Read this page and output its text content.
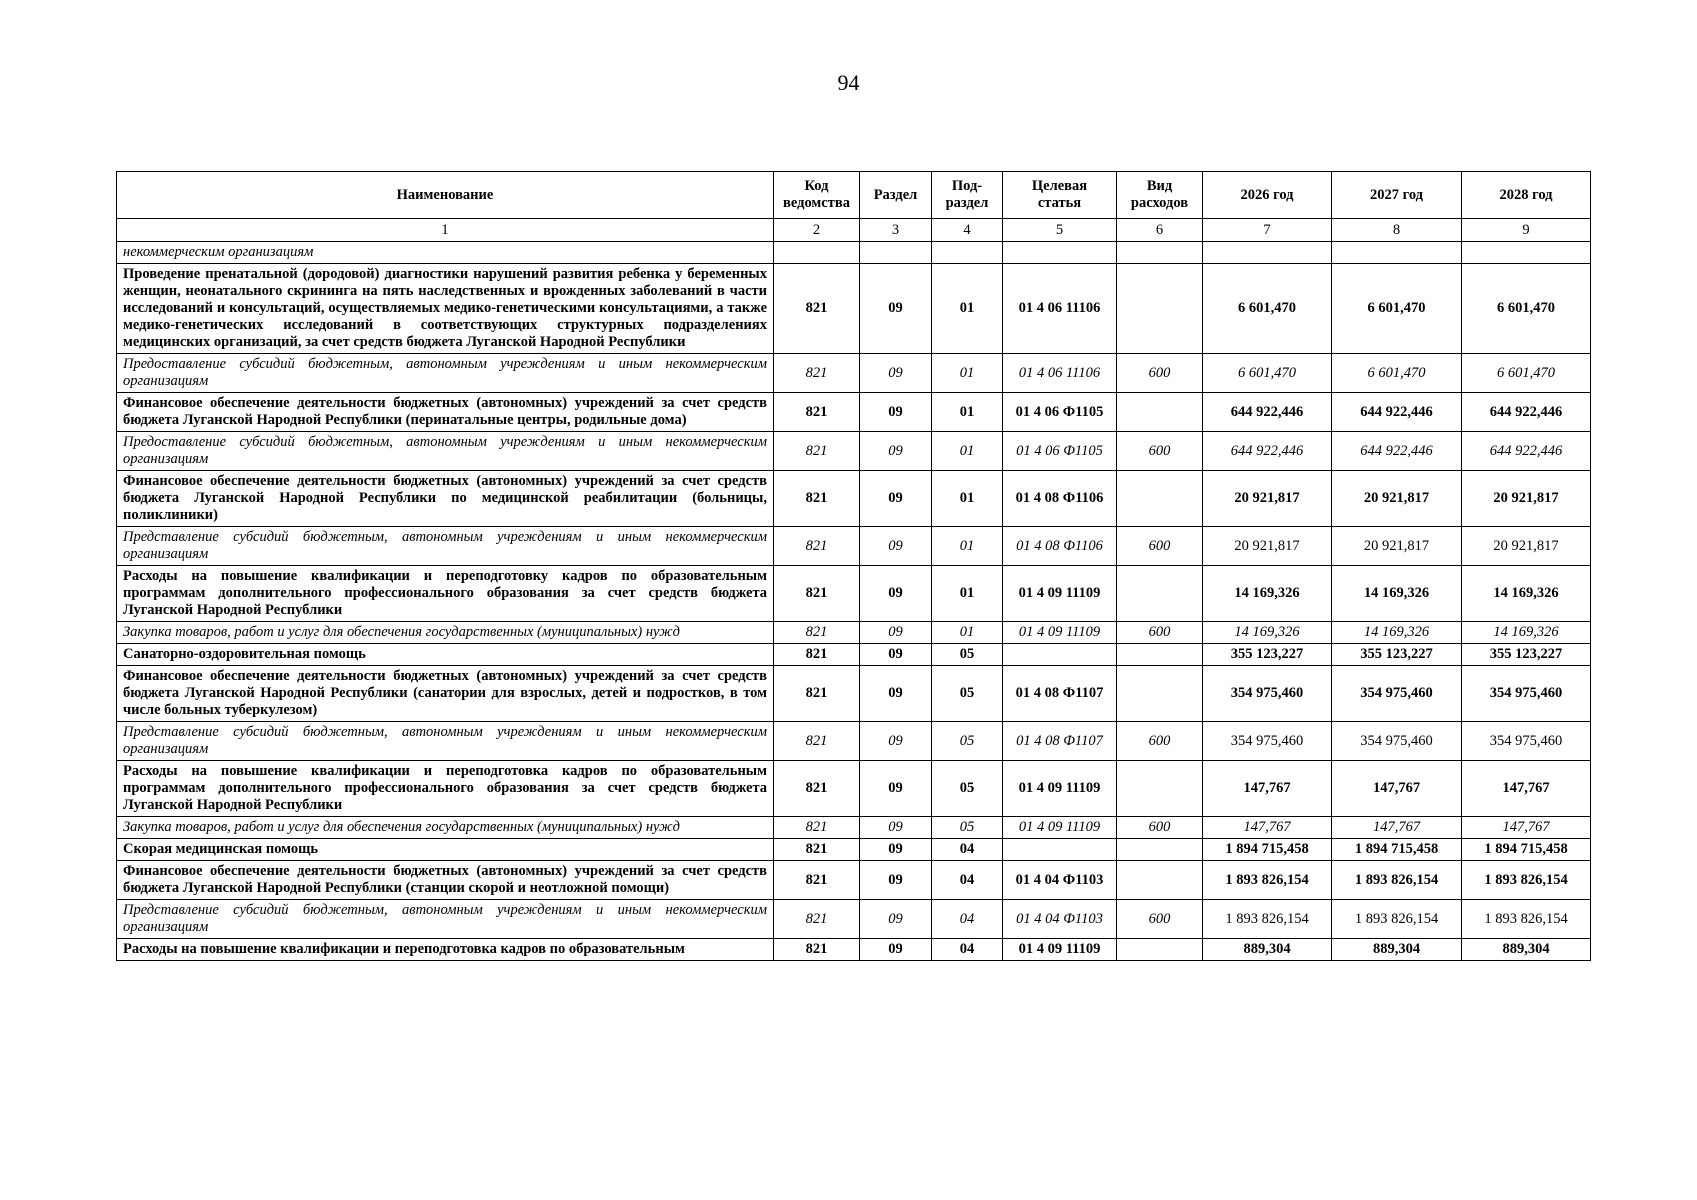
94
Наименование	Код ведомства	Раздел	Под-раздел	Целевая статья	Вид расходов	2026 год	2027 год	2028 год
1	2	3	4	5	6	7	8	9
некоммерческим организациям								
Проведение пренатальной (дородовой) диагностики нарушений развития ребенка у беременных женщин, неонатального скрининга на пять наследственных и врожденных заболеваний в части исследований и консультаций, осуществляемых медико-генетическими консультациями, а также медико-генетических исследований в соответствующих структурных подразделениях медицинских организаций, за счет средств бюджета Луганской Народной Республики	821	09	01	01 4 06 11106		6 601,470	6 601,470	6 601,470
Предоставление субсидий бюджетным, автономным учреждениям и иным некоммерческим организациям	821	09	01	01 4 06 11106	600	6 601,470	6 601,470	6 601,470
Финансовое обеспечение деятельности бюджетных (автономных) учреждений за счет средств бюджета Луганской Народной Республики (перинатальные центры, родильные дома)	821	09	01	01 4 06 Ф1105		644 922,446	644 922,446	644 922,446
Предоставление субсидий бюджетным, автономным учреждениям и иным некоммерческим организациям	821	09	01	01 4 06 Ф1105	600	644 922,446	644 922,446	644 922,446
Финансовое обеспечение деятельности бюджетных (автономных) учреждений за счет средств бюджета Луганской Народной Республики по медицинской реабилитации (больницы, поликлиники)	821	09	01	01 4 08 Ф1106		20 921,817	20 921,817	20 921,817
Представление субсидий бюджетным, автономным учреждениям и иным некоммерческим организациям	821	09	01	01 4 08 Ф1106	600	20 921,817	20 921,817	20 921,817
Расходы на повышение квалификации и переподготовку кадров по образовательным программам дополнительного профессионального образования за счет средств бюджета Луганской Народной Республики	821	09	01	01 4 09 11109		14 169,326	14 169,326	14 169,326
Закупка товаров, работ и услуг для обеспечения государственных (муниципальных) нужд	821	09	01	01 4 09 11109	600	14 169,326	14 169,326	14 169,326
Санаторно-оздоровительная помощь	821	09	05			355 123,227	355 123,227	355 123,227
Финансовое обеспечение деятельности бюджетных (автономных) учреждений за счет средств бюджета Луганской Народной Республики (санатории для взрослых, детей и подростков, в том числе больных туберкулезом)	821	09	05	01 4 08 Ф1107		354 975,460	354 975,460	354 975,460
Представление субсидий бюджетным, автономным учреждениям и иным некоммерческим организациям	821	09	05	01 4 08 Ф1107	600	354 975,460	354 975,460	354 975,460
Расходы на повышение квалификации и переподготовка кадров по образовательным программам дополнительного профессионального образования за счет средств бюджета Луганской Народной Республики	821	09	05	01 4 09 11109		147,767	147,767	147,767
Закупка товаров, работ и услуг для обеспечения государственных (муниципальных) нужд	821	09	05	01 4 09 11109	600	147,767	147,767	147,767
Скорая медицинская помощь	821	09	04			1 894 715,458	1 894 715,458	1 894 715,458
Финансовое обеспечение деятельности бюджетных (автономных) учреждений за счет средств бюджета Луганской Народной Республики (станции скорой и неотложной помощи)	821	09	04	01 4 04 Ф1103		1 893 826,154	1 893 826,154	1 893 826,154
Представление субсидий бюджетным, автономным учреждениям и иным некоммерческим организациям	821	09	04	01 4 04 Ф1103	600	1 893 826,154	1 893 826,154	1 893 826,154
Расходы на повышение квалификации и переподготовка кадров по образовательным	821	09	04	01 4 09 11109		889,304	889,304	889,304
